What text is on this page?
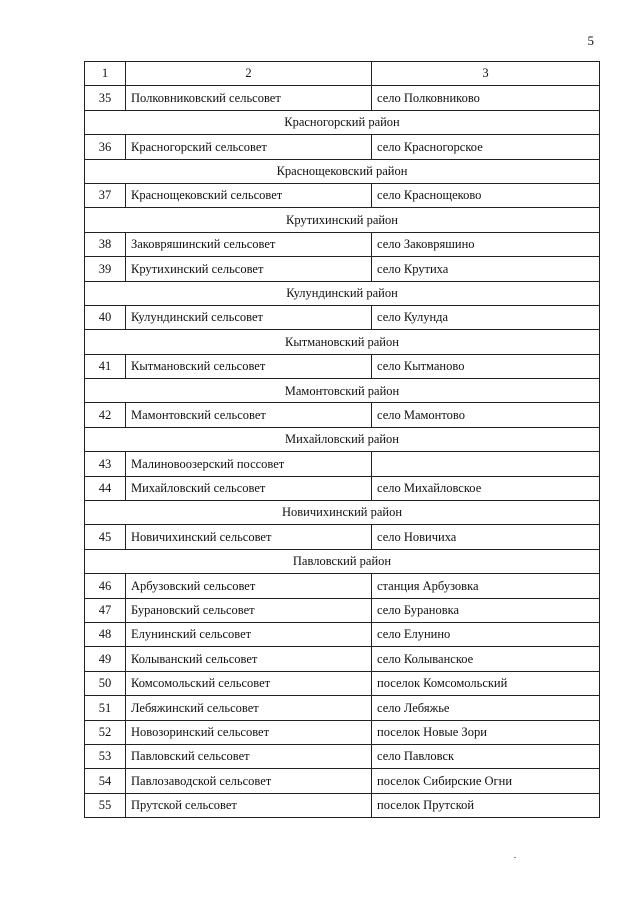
5
1	2	3
35	Полковниковский сельсовет	село Полковниково
Красногорский район		
36	Красногорский сельсовет	село Красногорское
Краснощековский район		
37	Краснощековский сельсовет	село Краснощеково
Крутихинский район		
38	Заковряшинский сельсовет	село Заковряшино
39	Крутихинский сельсовет	село Крутиха
Кулундинский район		
40	Кулундинский сельсовет	село Кулунда
Кытмановский район		
41	Кытмановский сельсовет	село Кытманово
Мамонтовский район		
42	Мамонтовский сельсовет	село Мамонтово
Михайловский район		
43	Малиновоозерский поссовет	
44	Михайловский сельсовет	село Михайловское
Новичихинский район		
45	Новичихинский сельсовет	село Новичиха
Павловский район		
46	Арбузовский сельсовет	станция Арбузовка
47	Бурановский сельсовет	село Бурановка
48	Елунинский сельсовет	село Елунино
49	Колыванский сельсовет	село Колыванское
50	Комсомольский сельсовет	поселок Комсомольский
51	Лебяжинский сельсовет	село Лебяжье
52	Новозоринский сельсовет	поселок Новые Зори
53	Павловский сельсовет	село Павловск
54	Павлозаводской сельсовет	поселок Сибирские Огни
55	Прутской сельсовет	поселок Прутской
